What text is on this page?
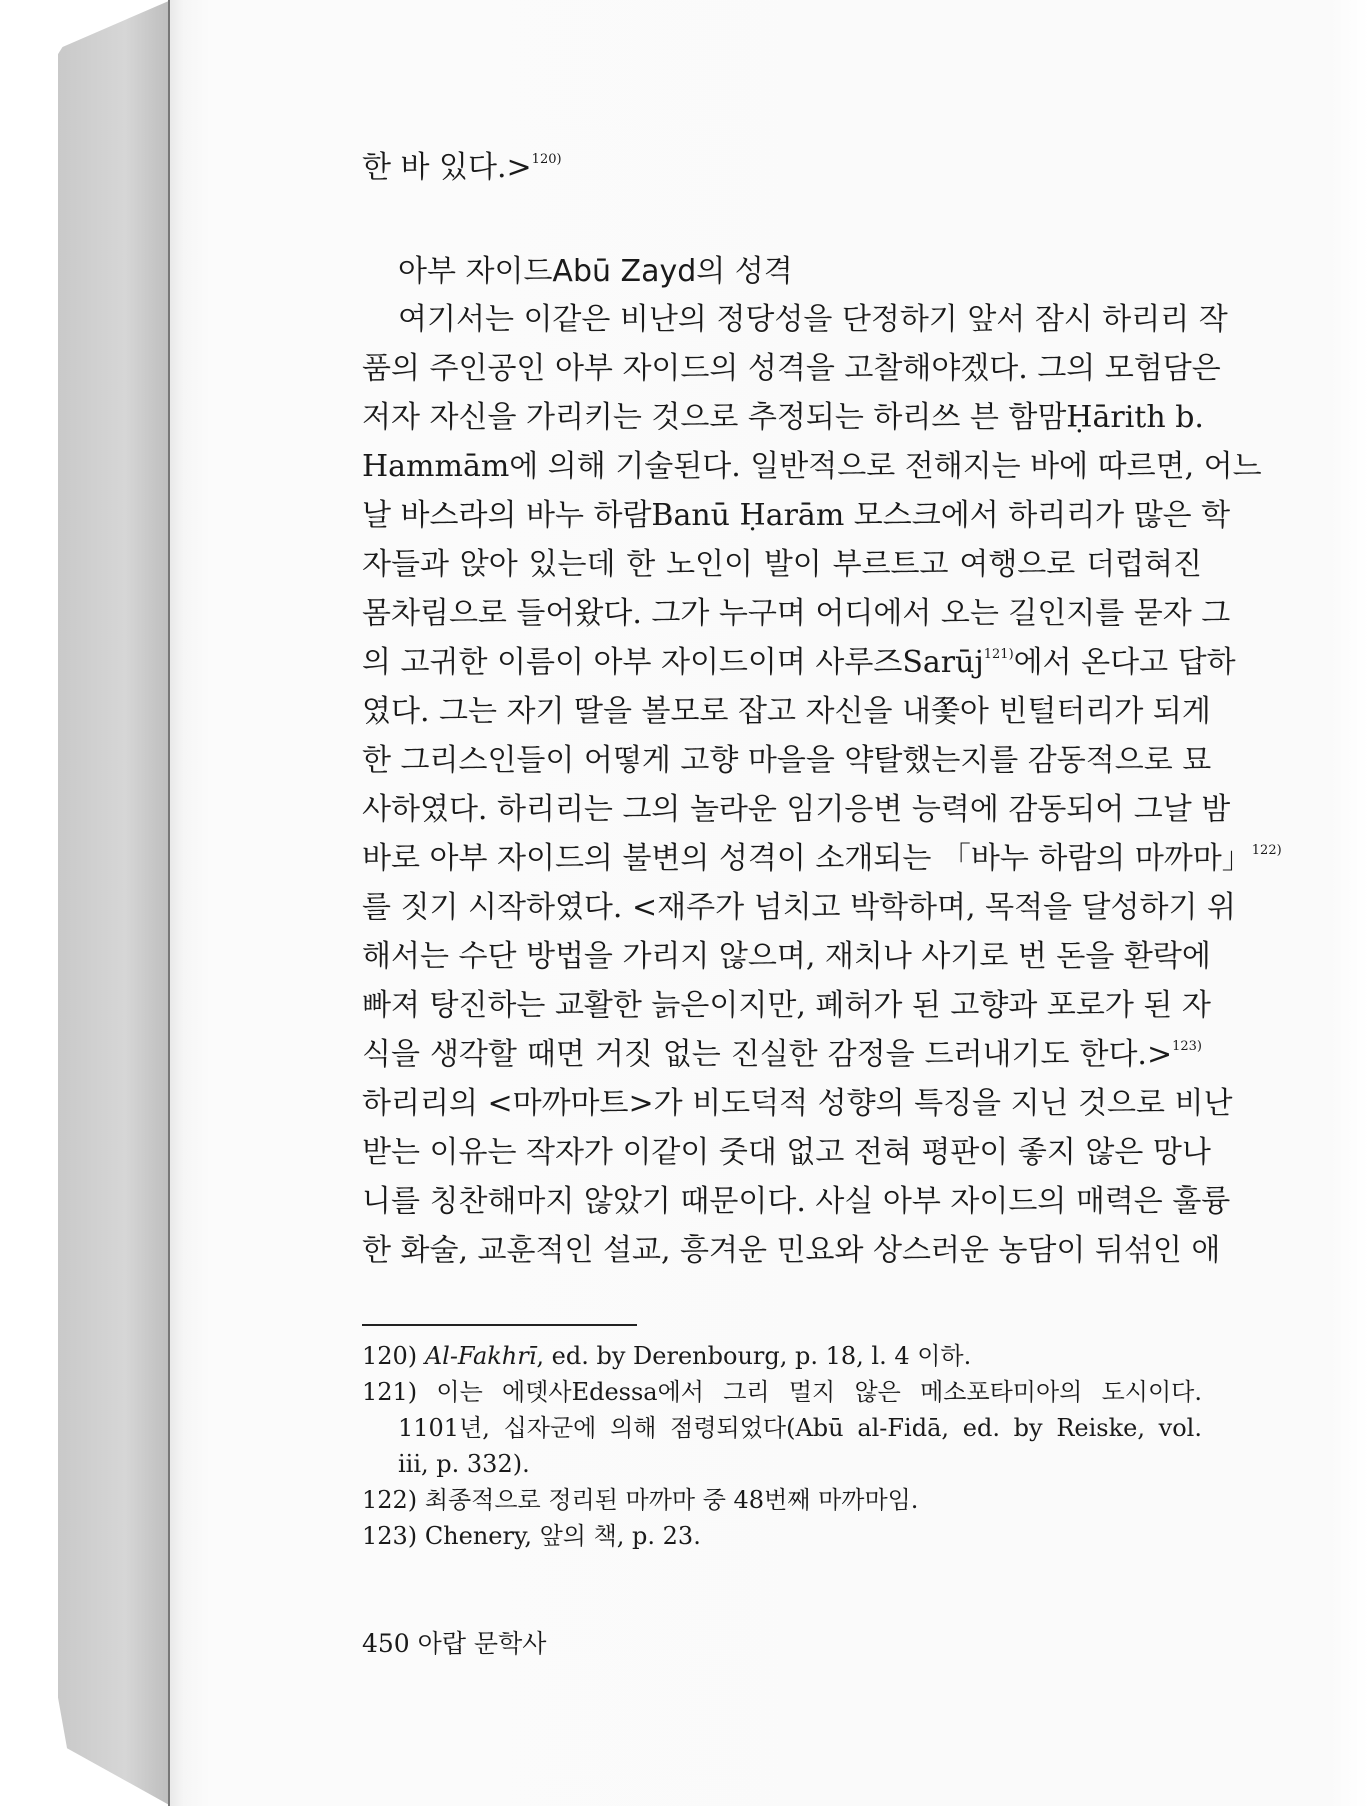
한 바 있다.>$^{120)}$
아부 자이드Abū Zayd의 성격
여기서는 이같은 비난의 정당성을 단정하기 앞서 잠시 하리리 작
품의 주인공인 아부 자이드의 성격을 고찰해야겠다. 그의 모험담은
저자 자신을 가리키는 것으로 추정되는 하리쓰 븐 함맘Ḥārith b.
Hammām에 의해 기술된다. 일반적으로 전해지는 바에 따르면, 어느
날 바스라의 바누 하람Banū Ḥarām 모스크에서 하리리가 많은 학
자들과 앉아 있는데 한 노인이 발이 부르트고 여행으로 더럽혀진
몸차림으로 들어왔다. 그가 누구며 어디에서 오는 길인지를 묻자 그
의 고귀한 이름이 아부 자이드이며 사루즈Sarūj$^{121)}$에서 온다고 답하
였다. 그는 자기 딸을 볼모로 잡고 자신을 내쫓아 빈털터리가 되게
한 그리스인들이 어떻게 고향 마을을 약탈했는지를 감동적으로 묘
사하였다. 하리리는 그의 놀라운 임기응변 능력에 감동되어 그날 밤
바로 아부 자이드의 불변의 성격이 소개되는 「바누 하람의 마까마」$^{122)}$
를 짓기 시작하였다. <재주가 넘치고 박학하며, 목적을 달성하기 위
해서는 수단 방법을 가리지 않으며, 재치나 사기로 번 돈을 환락에
빠져 탕진하는 교활한 늙은이지만, 폐허가 된 고향과 포로가 된 자
식을 생각할 때면 거짓 없는 진실한 감정을 드러내기도 한다.>$^{123)}$
하리리의 <마까마트>가 비도덕적 성향의 특징을 지닌 것으로 비난
받는 이유는 작자가 이같이 줏대 없고 전혀 평판이 좋지 않은 망나
니를 칭찬해마지 않았기 때문이다. 사실 아부 자이드의 매력은 훌륭
한 화술, 교훈적인 설교, 흥겨운 민요와 상스러운 농담이 뒤섞인 애
120) Al-Fakhrī, ed. by Derenbourg, p. 18, l. 4 이하.
121) 이는 에뎃사Edessa에서 그리 멀지 않은 메소포타미아의 도시이다.
1101년, 십자군에 의해 점령되었다(Abū al-Fidā, ed. by Reiske, vol.
iii, p. 332).
122) 최종적으로 정리된 마까마 중 48번째 마까마임.
123) Chenery, 앞의 책, p. 23.
450 아랍 문학사
